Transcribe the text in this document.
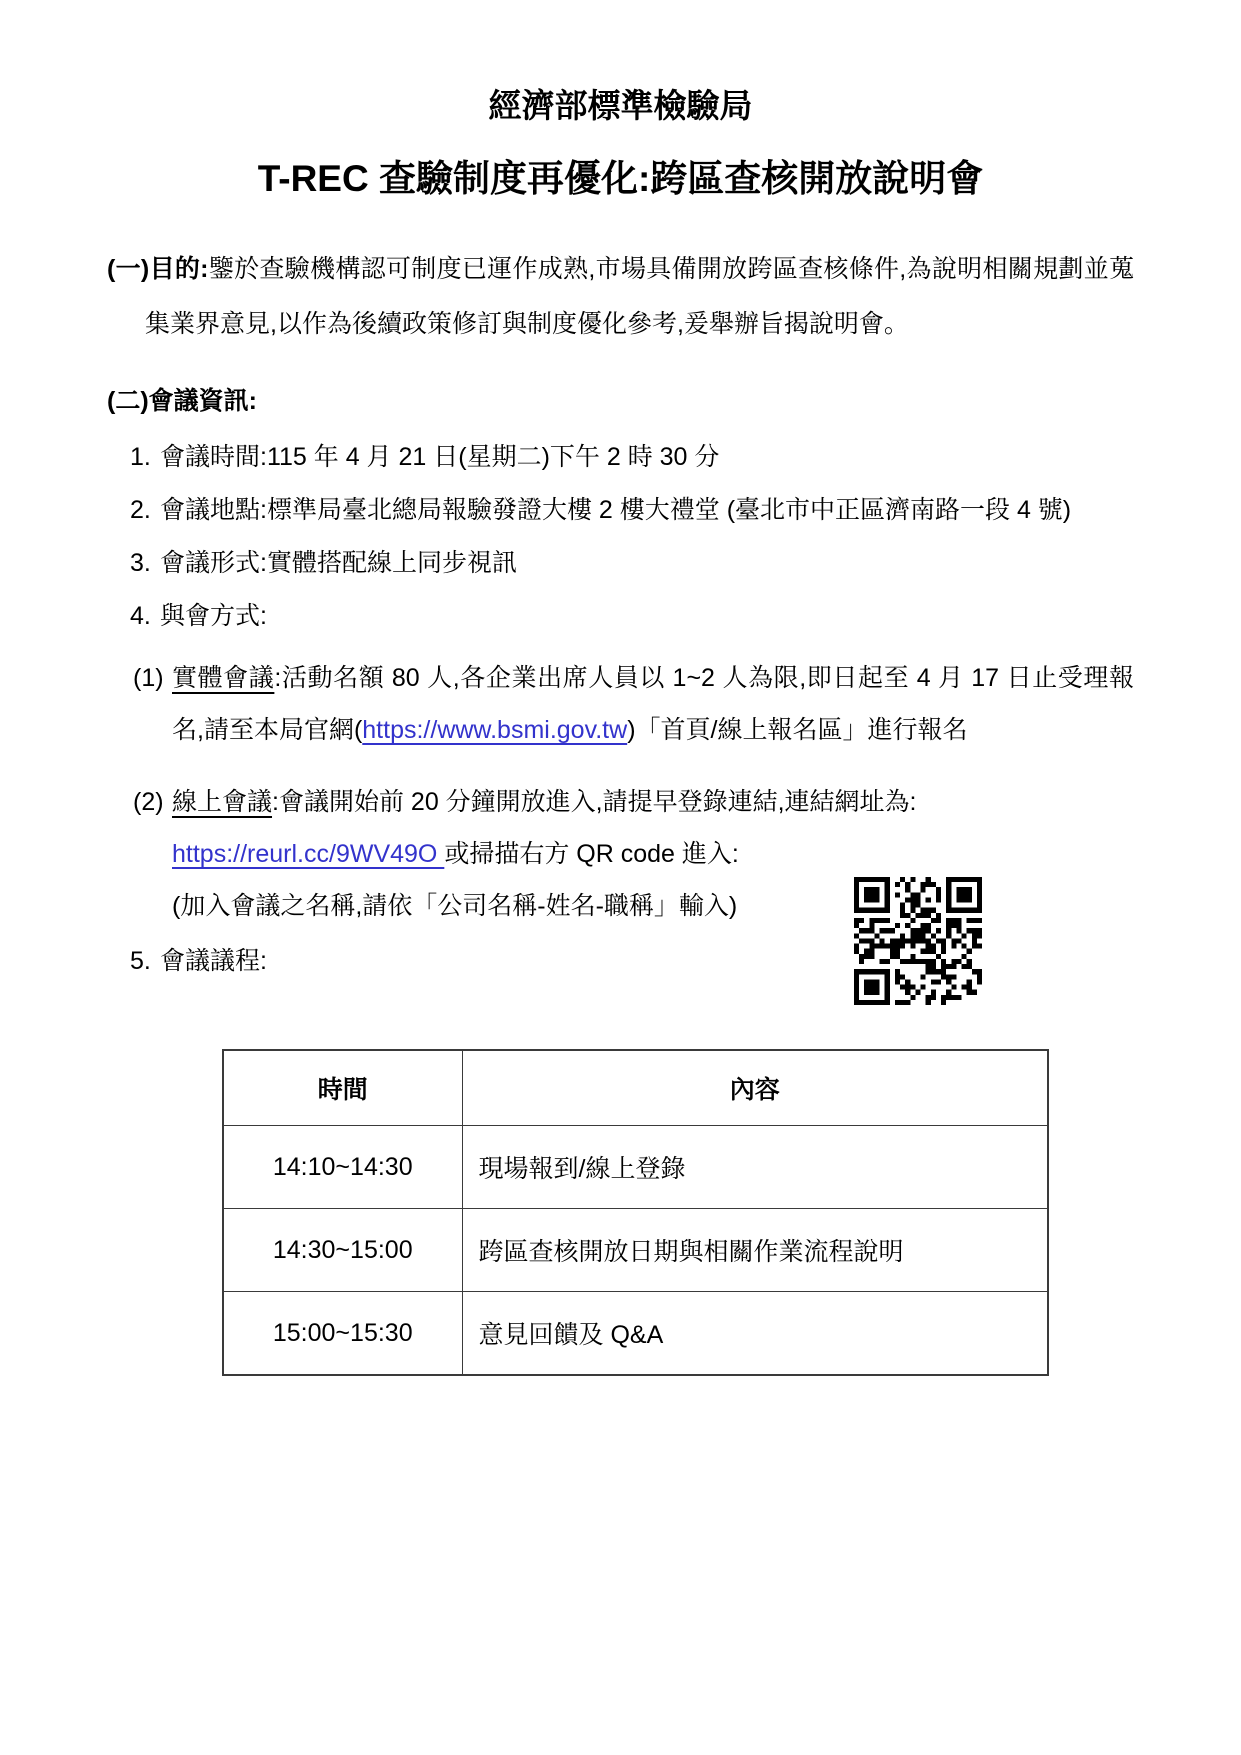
經濟部標準檢驗局
T-REC 查驗制度再優化:跨區查核開放說明會

(一)目的:鑒於查驗機構認可制度已運作成熟,市場具備開放跨區查核條件,為說明相關規劃並蒐集業界意見,以作為後續政策修訂與制度優化參考,爰舉辦旨揭說明會。

(二)會議資訊:
1. 會議時間:115 年 4 月 21 日(星期二)下午 2 時 30 分
2. 會議地點:標準局臺北總局報驗發證大樓 2 樓大禮堂 (臺北市中正區濟南路一段 4 號)
3. 會議形式:實體搭配線上同步視訊
4. 與會方式:
(1) 實體會議:活動名額 80 人,各企業出席人員以 1~2 人為限,即日起至 4 月 17 日止受理報名,請至本局官網(https://www.bsmi.gov.tw)「首頁/線上報名區」進行報名
(2) 線上會議:會議開始前 20 分鐘開放進入,請提早登錄連結,連結網址為:
https://reurl.cc/9WV49O 或掃描右方 QR code 進入:
(加入會議之名稱,請依「公司名稱-姓名-職稱」輸入)
5. 會議議程:
時間	內容
14:10~14:30	現場報到/線上登錄
14:30~15:00	跨區查核開放日期與相關作業流程說明
15:00~15:30	意見回饋及 Q&A
